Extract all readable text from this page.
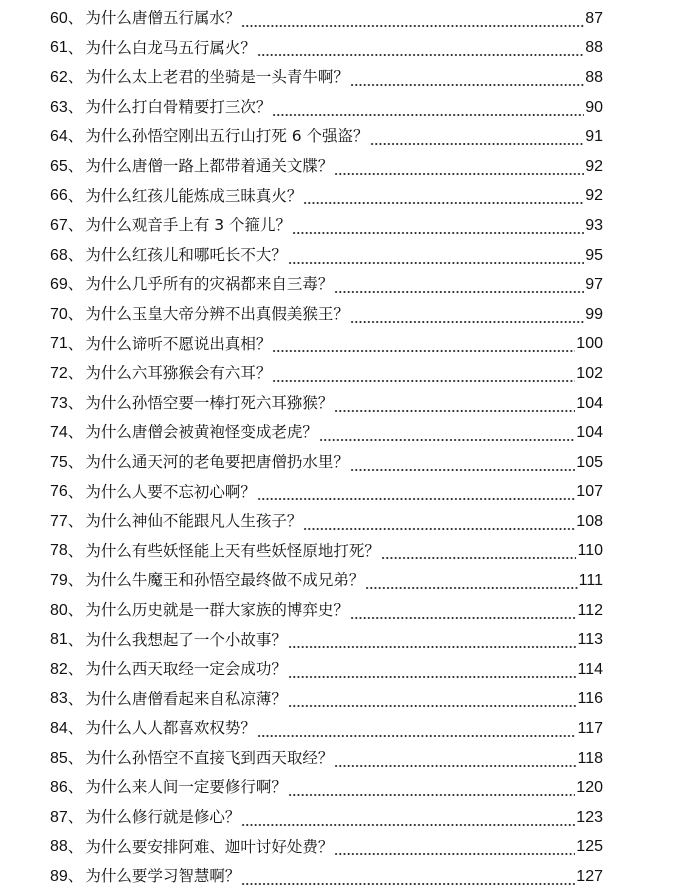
60 、 为什么唐僧五行属水？	87
61 、 为什么白龙马五行属火？	88
62 、 为什么太上老君的坐骑是一头青牛啊？	88
63 、 为什么打白骨精要打三次？	90
64 、 为什么孙悟空刚出五行山打死 6 个强盗？	91
65 、 为什么唐僧一路上都带着通关文牒？	92
66 、 为什么红孩儿能炼成三昧真火？	92
67 、 为什么观音手上有 3 个箍儿？	93
68 、 为什么红孩儿和哪吒长不大？	95
69 、 为什么几乎所有的灾祸都来自三毒？	97
70 、 为什么玉皇大帝分辨不出真假美猴王？	99
71 、 为什么谛听不愿说出真相？	100
72 、 为什么六耳猕猴会有六耳？	102
73 、 为什么孙悟空要一棒打死六耳猕猴？	104
74 、 为什么唐僧会被黄袍怪变成老虎？	104
75 、 为什么通天河的老龟要把唐僧扔水里？	105
76 、 为什么人要不忘初心啊？	107
77 、 为什么神仙不能跟凡人生孩子？	108
78 、 为什么有些妖怪能上天有些妖怪原地打死？	110
79 、 为什么牛魔王和孙悟空最终做不成兄弟？	111
80 、 为什么历史就是一群大家族的博弈史？	112
81 、 为什么我想起了一个小故事？	113
82 、 为什么西天取经一定会成功？	114
83 、 为什么唐僧看起来自私凉薄？	116
84 、 为什么人人都喜欢权势？	117
85 、 为什么孙悟空不直接飞到西天取经？	118
86 、 为什么来人间一定要修行啊？	120
87 、 为什么修行就是修心？	123
88 、 为什么要安排阿难、迦叶讨好处费？	125
89 、 为什么要学习智慧啊？	127
